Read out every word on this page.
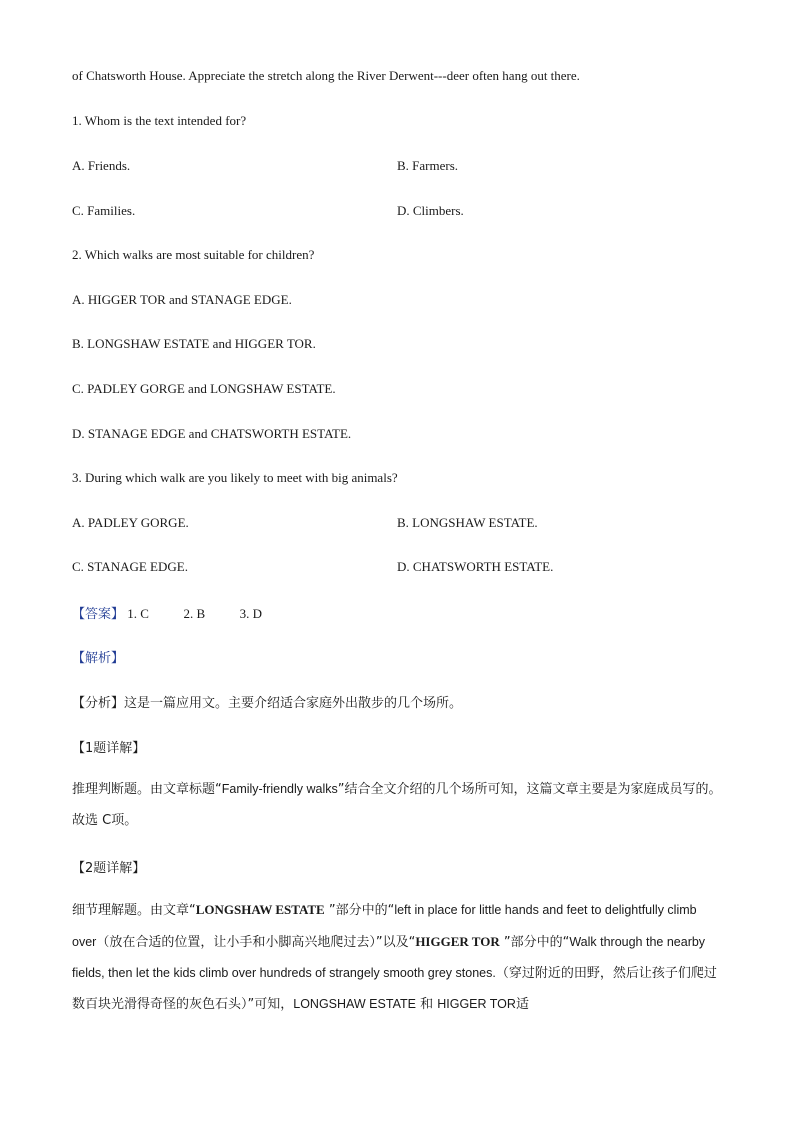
of Chatsworth House. Appreciate the stretch along the River Derwent---deer often hang out there.
1. Whom is the text intended for?
A. Friends.	B. Farmers.
C. Families.	D. Climbers.
2. Which walks are most suitable for children?
A. HIGGER TOR and STANAGE EDGE.
B. LONGSHAW ESTATE and HIGGER TOR.
C. PADLEY GORGE and LONGSHAW ESTATE.
D. STANAGE EDGE and CHATSWORTH ESTATE.
3. During which walk are you likely to meet with big animals?
A. PADLEY GORGE.	B. LONGSHAW ESTATE.
C. STANAGE EDGE.	D. CHATSWORTH ESTATE.
【答案】 1. C	2. B	3. D
【解析】
【分析】这是一篇应用文。主要介绍适合家庭外出散步的几个场所。
【1题详解】
推理判断题。由文章标题“Family-friendly walks”结合全文介绍的几个场所可知，这篇文章主要是为家庭成员写的。故选 C项。
【2题详解】
细节理解题。由文章“LONGSHAW ESTATE ”部分中的“left in place for little hands and feet to delightfully climb over（放在合适的位置，让小手和小脚高兴地爬过去）”以及“HIGGER TOR ”部分中的“Walk through the nearby fields, then let the kids climb over hundreds of strangely smooth grey stones.（穿过附近的田野，然后让孩子们爬过数百块光滑得奇怪的灰色石头）”可知，LONGSHAW ESTATE 和 HIGGER TOR适
